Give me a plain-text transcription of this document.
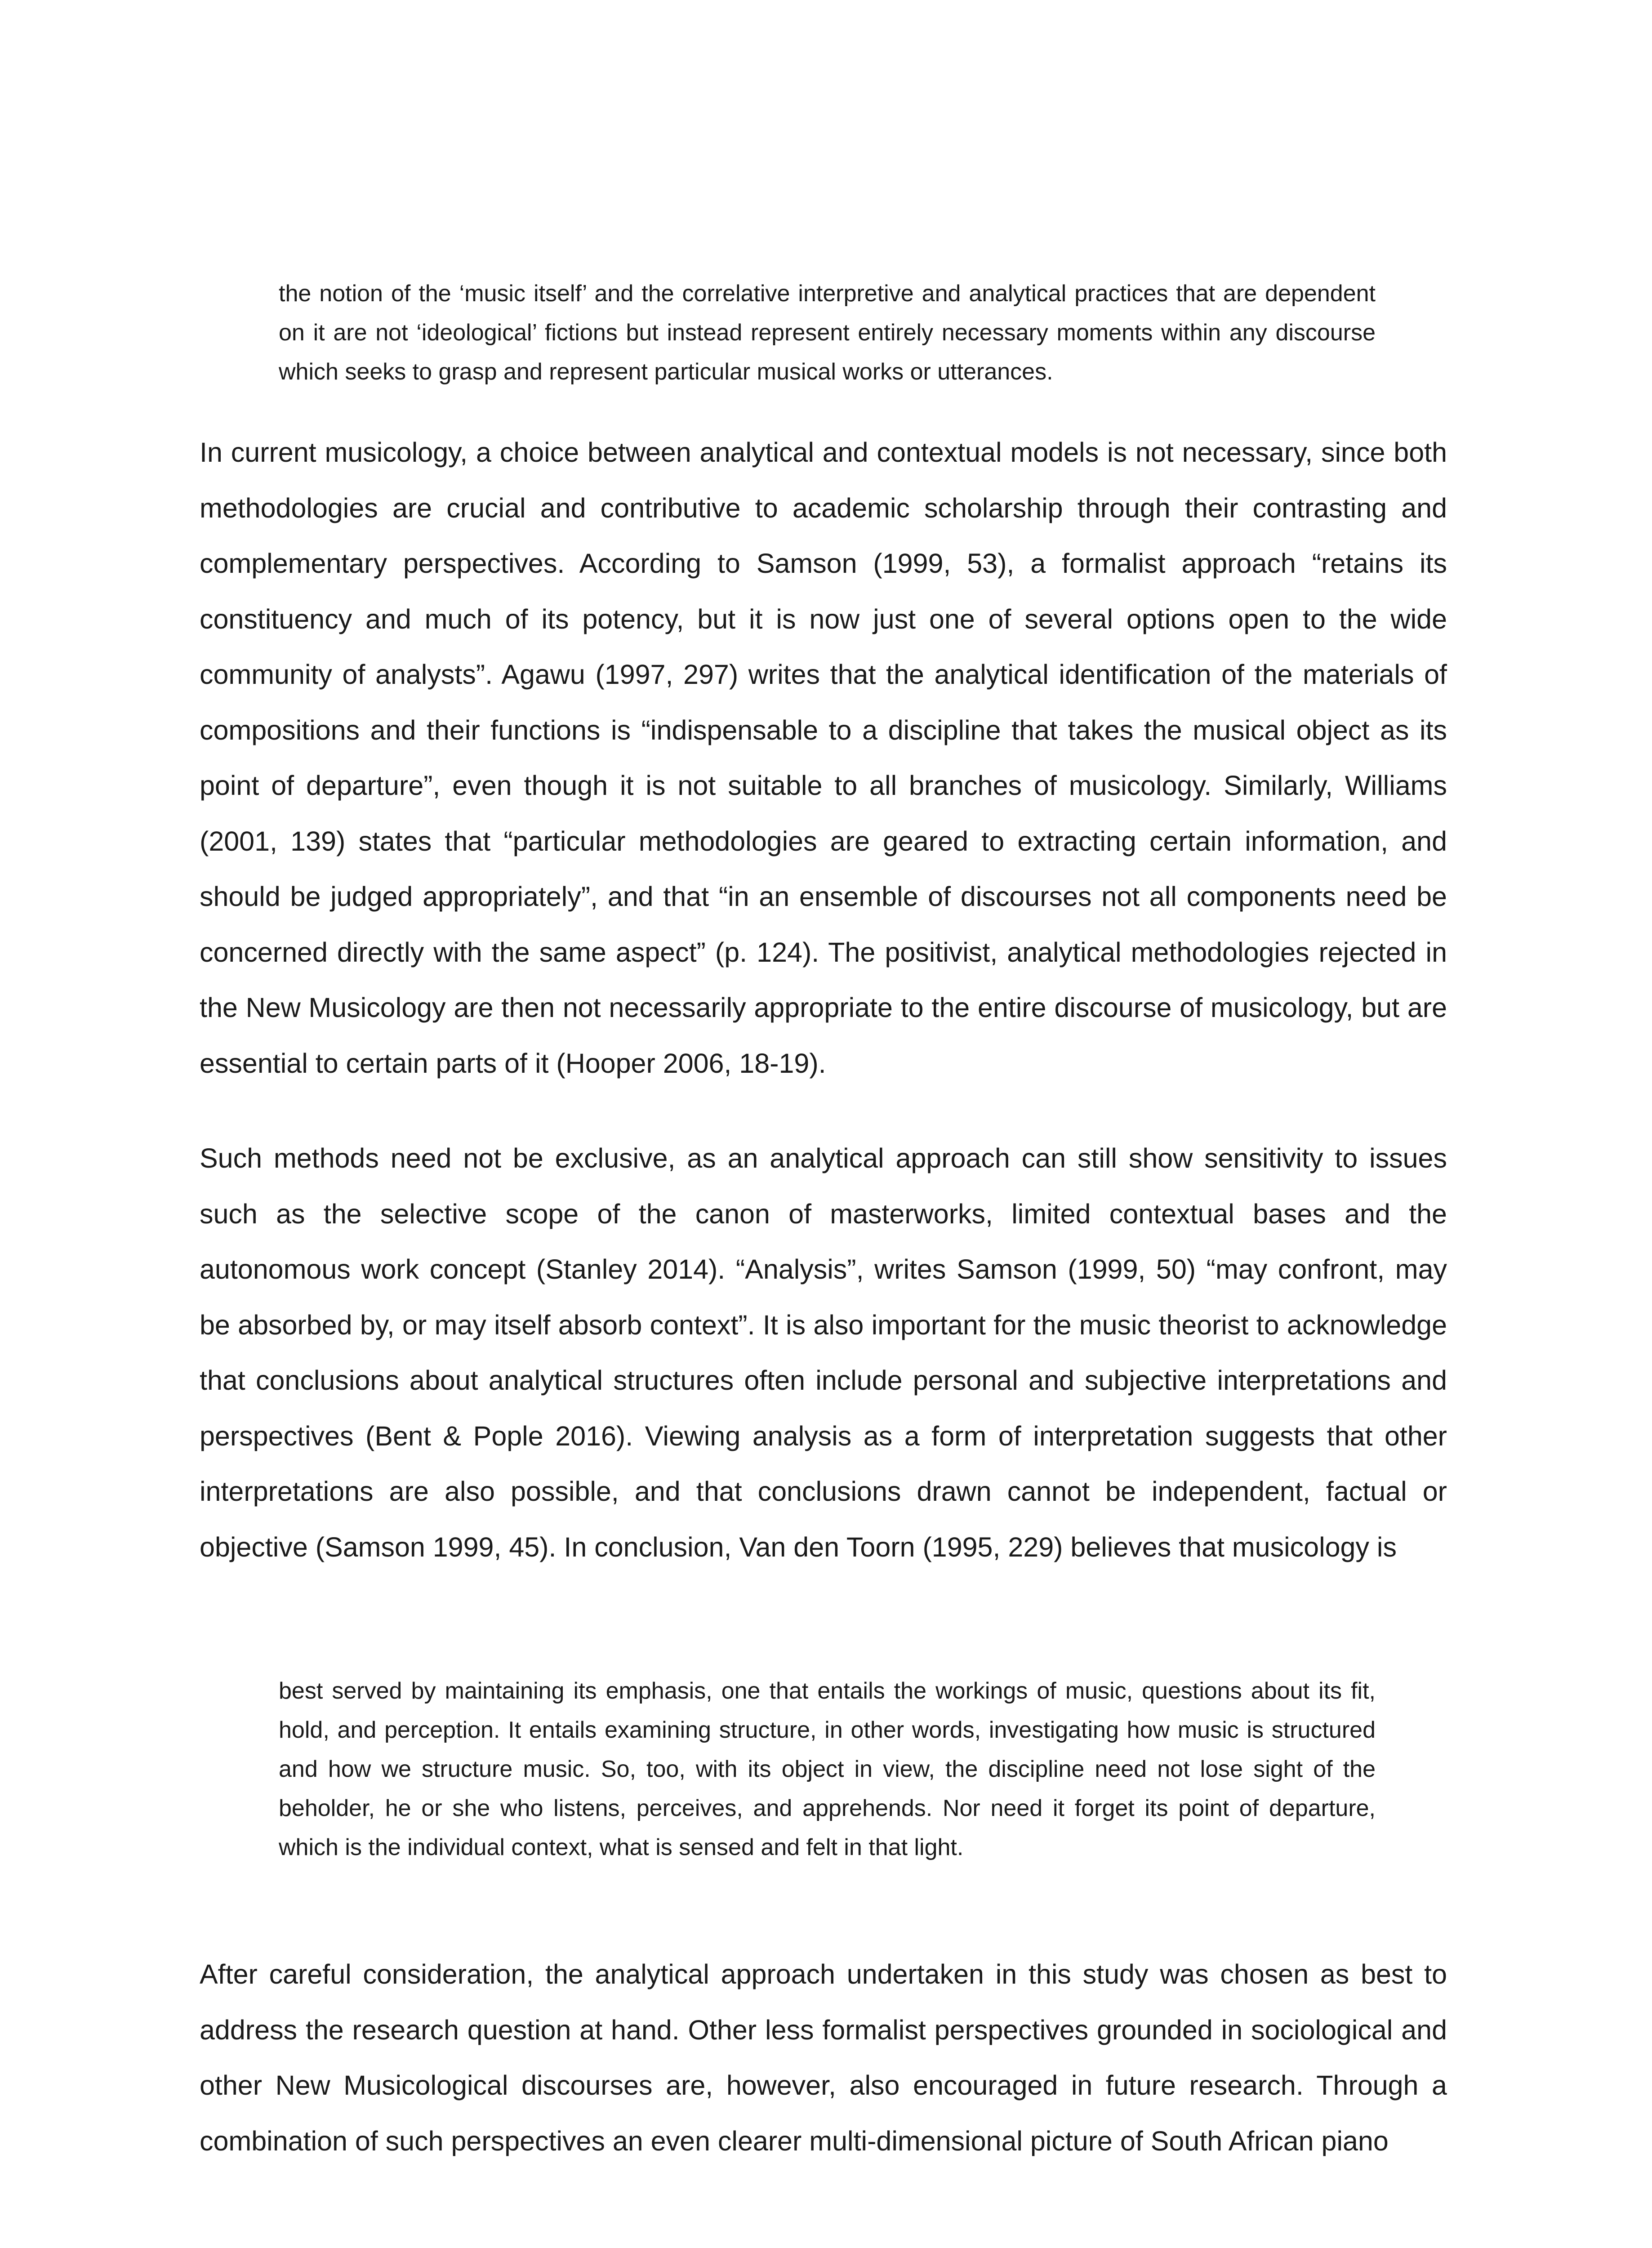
the notion of the ‘music itself’ and the correlative interpretive and analytical practices that are dependent on it are not ‘ideological’ fictions but instead represent entirely necessary moments within any discourse which seeks to grasp and represent particular musical works or utterances.

In current musicology, a choice between analytical and contextual models is not necessary, since both methodologies are crucial and contributive to academic scholarship through their contrasting and complementary perspectives. According to Samson (1999, 53), a formalist approach “retains its constituency and much of its potency, but it is now just one of several options open to the wide community of analysts”. Agawu (1997, 297) writes that the analytical identification of the materials of compositions and their functions is “indispensable to a discipline that takes the musical object as its point of departure”, even though it is not suitable to all branches of musicology. Similarly, Williams (2001, 139) states that “particular methodologies are geared to extracting certain information, and should be judged appropriately”, and that “in an ensemble of discourses not all components need be concerned directly with the same aspect” (p. 124). The positivist, analytical methodologies rejected in the New Musicology are then not necessarily appropriate to the entire discourse of musicology, but are essential to certain parts of it (Hooper 2006, 18-19).

Such methods need not be exclusive, as an analytical approach can still show sensitivity to issues such as the selective scope of the canon of masterworks, limited contextual bases and the autonomous work concept (Stanley 2014). “Analysis”, writes Samson (1999, 50) “may confront, may be absorbed by, or may itself absorb context”. It is also important for the music theorist to acknowledge that conclusions about analytical structures often include personal and subjective interpretations and perspectives (Bent & Pople 2016). Viewing analysis as a form of interpretation suggests that other interpretations are also possible, and that conclusions drawn cannot be independent, factual or objective (Samson 1999, 45). In conclusion, Van den Toorn (1995, 229) believes that musicology is

best served by maintaining its emphasis, one that entails the workings of music, questions about its fit, hold, and perception. It entails examining structure, in other words, investigating how music is structured and how we structure music. So, too, with its object in view, the discipline need not lose sight of the beholder, he or she who listens, perceives, and apprehends. Nor need it forget its point of departure, which is the individual context, what is sensed and felt in that light.

After careful consideration, the analytical approach undertaken in this study was chosen as best to address the research question at hand. Other less formalist perspectives grounded in sociological and other New Musicological discourses are, however, also encouraged in future research. Through a combination of such perspectives an even clearer multi-dimensional picture of South African piano
